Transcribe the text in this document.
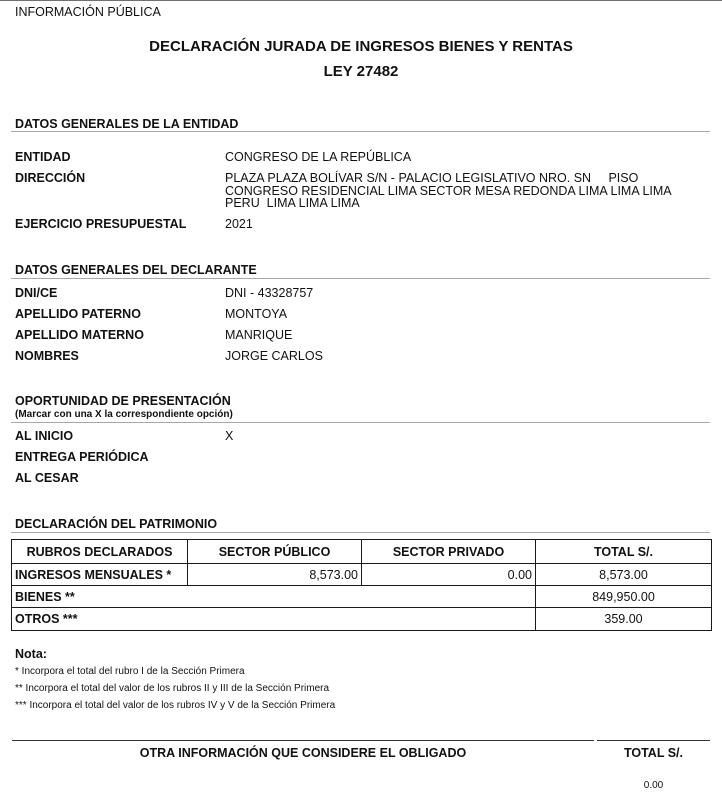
INFORMACIÓN PÚBLICA
DECLARACIÓN JURADA DE INGRESOS BIENES Y RENTAS
LEY 27482
DATOS GENERALES DE LA ENTIDAD
ENTIDAD	CONGRESO DE LA REPÚBLICA
DIRECCIÓN	PLAZA PLAZA BOLÍVAR S/N - PALACIO LEGISLATIVO NRO. SN     PISO
CONGRESO RESIDENCIAL LIMA SECTOR MESA REDONDA LIMA LIMA LIMA
PERU  LIMA LIMA LIMA
EJERCICIO PRESUPUESTAL	2021
DATOS GENERALES DEL DECLARANTE
DNI/CE	DNI - 43328757
APELLIDO PATERNO	MONTOYA
APELLIDO MATERNO	MANRIQUE
NOMBRES	JORGE CARLOS
OPORTUNIDAD DE PRESENTACIÓN
(Marcar con una X la correspondiente opción)
AL INICIO	X
ENTREGA PERIÓDICA
AL CESAR
DECLARACIÓN DEL PATRIMONIO
RUBROS DECLARADOS	SECTOR PÚBLICO	SECTOR PRIVADO	TOTAL S/.
INGRESOS MENSUALES *	8,573.00	0.00	8,573.00
BIENES **			849,950.00
OTROS ***			359.00
Nota:
* Incorpora el total del rubro I de la Sección Primera
** Incorpora el total del valor de los rubros II y III de la Sección Primera
*** Incorpora el total del valor de los rubros IV y V de la Sección Primera
OTRA INFORMACIÓN QUE CONSIDERE EL OBLIGADO	TOTAL S/.
0.00
